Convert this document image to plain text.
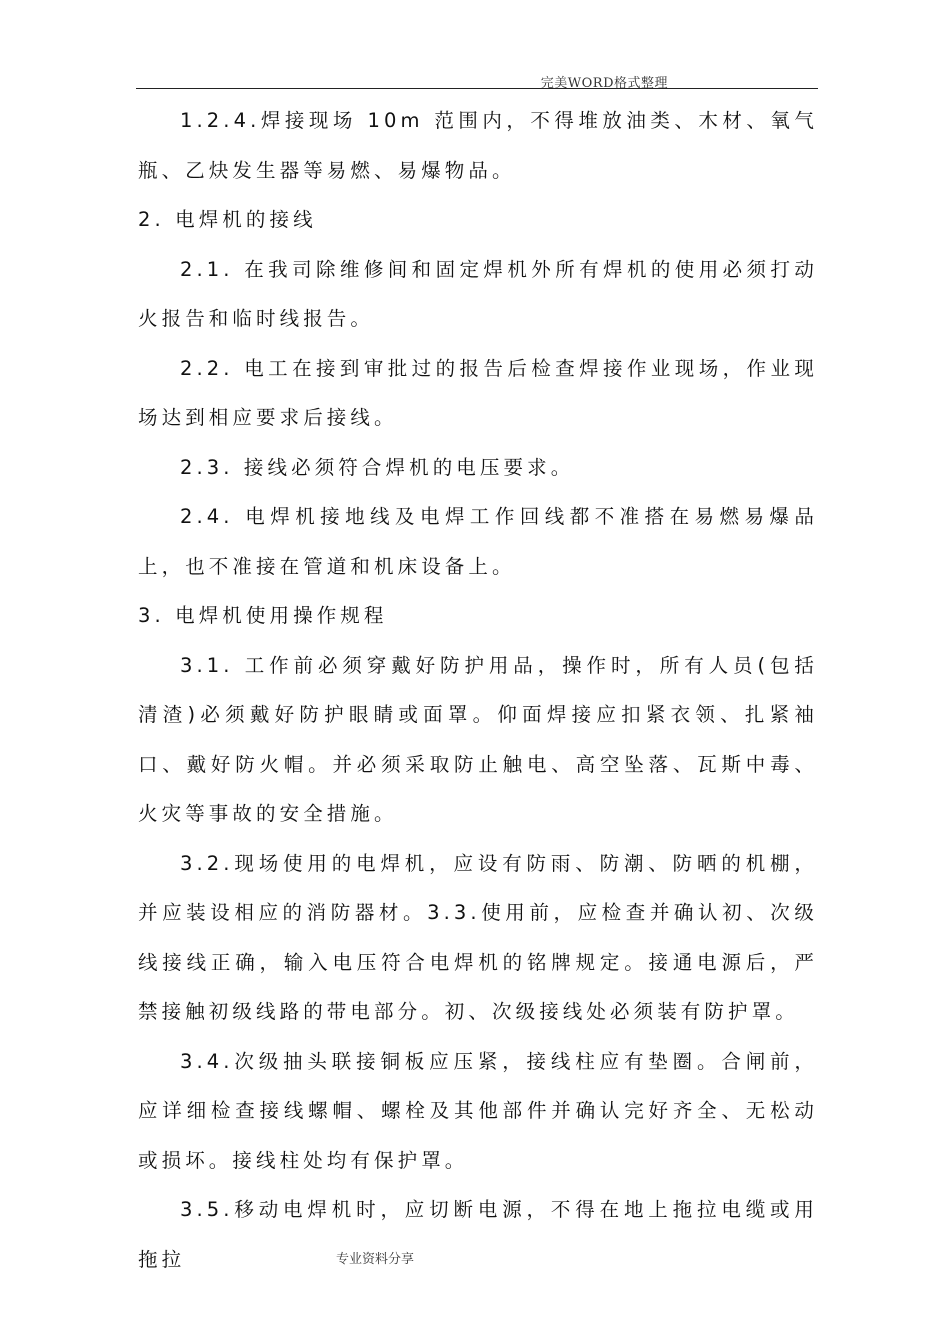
完美WORD格式整理

1.2.4.焊接现场 10m 范围内，不得堆放油类、木材、氧气瓶、乙炔发生器等易燃、易爆物品。

2. 电焊机的接线

2.1. 在我司除维修间和固定焊机外所有焊机的使用必须打动火报告和临时线报告。

2.2. 电工在接到审批过的报告后检查焊接作业现场，作业现场达到相应要求后接线。

2.3. 接线必须符合焊机的电压要求。

2.4. 电焊机接地线及电焊工作回线都不准搭在易燃易爆品上，也不准接在管道和机床设备上。

3. 电焊机使用操作规程

3.1. 工作前必须穿戴好防护用品，操作时，所有人员(包括清渣)必须戴好防护眼睛或面罩。仰面焊接应扣紧衣领、扎紧袖口、戴好防火帽。并必须采取防止触电、高空坠落、瓦斯中毒、火灾等事故的安全措施。

3.2.现场使用的电焊机，应设有防雨、防潮、防晒的机棚，并应装设相应的消防器材。3.3.使用前，应检查并确认初、次级线接线正确，输入电压符合电焊机的铭牌规定。接通电源后，严禁接触初级线路的带电部分。初、次级接线处必须装有防护罩。

3.4.次级抽头联接铜板应压紧，接线柱应有垫圈。合闸前，应详细检查接线螺帽、螺栓及其他部件并确认完好齐全、无松动或损坏。接线柱处均有保护罩。

3.5.移动电焊机时，应切断电源，不得在地上拖拉电缆或用拖拉	专业资料分享
